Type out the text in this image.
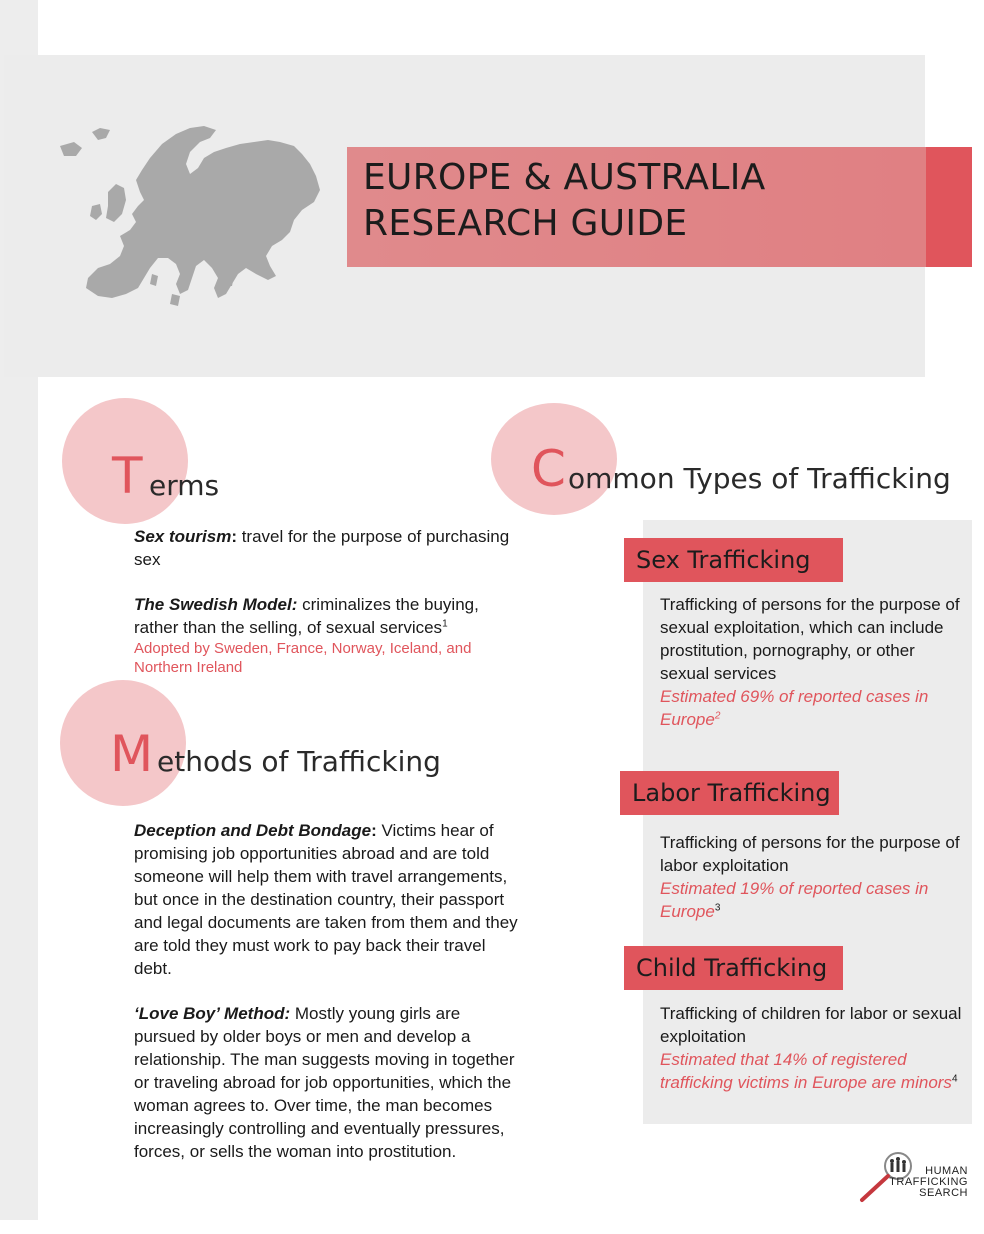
EUROPE & AUSTRALIA
RESEARCH GUIDE
T erms
Sex tourism: travel for the purpose of purchasing sex
The Swedish Model: criminalizes the buying, rather than the selling, of sexual services$^1$
Adopted by Sweden, France, Norway, Iceland, and Northern Ireland
M ethods of Trafficking
Deception and Debt Bondage: Victims hear of promising job opportunities abroad and are told someone will help them with travel arrangements, but once in the destination country, their passport and legal documents are taken from them and they are told they must work to pay back their travel debt.
‘Love Boy’ Method: Mostly young girls are pursued by older boys or men and develop a relationship. The man suggests moving in together or traveling abroad for job opportunities, which the woman agrees to. Over time, the man becomes increasingly controlling and eventually pressures, forces, or sells the woman into prostitution.
C ommon Types of Trafficking
Sex Trafficking
Trafficking of persons for the purpose of sexual exploitation, which can include prostitution, pornography, or other sexual services
Estimated 69% of reported cases in Europe$^2$
Labor Trafficking
Trafficking of persons for the purpose of labor exploitation
Estimated 19% of reported cases in Europe$^3$
Child Trafficking
Trafficking of children for labor or sexual exploitation
Estimated that 14% of registered trafficking victims in Europe are minors$^4$
HUMAN
TRAFFICKING
SEARCH
